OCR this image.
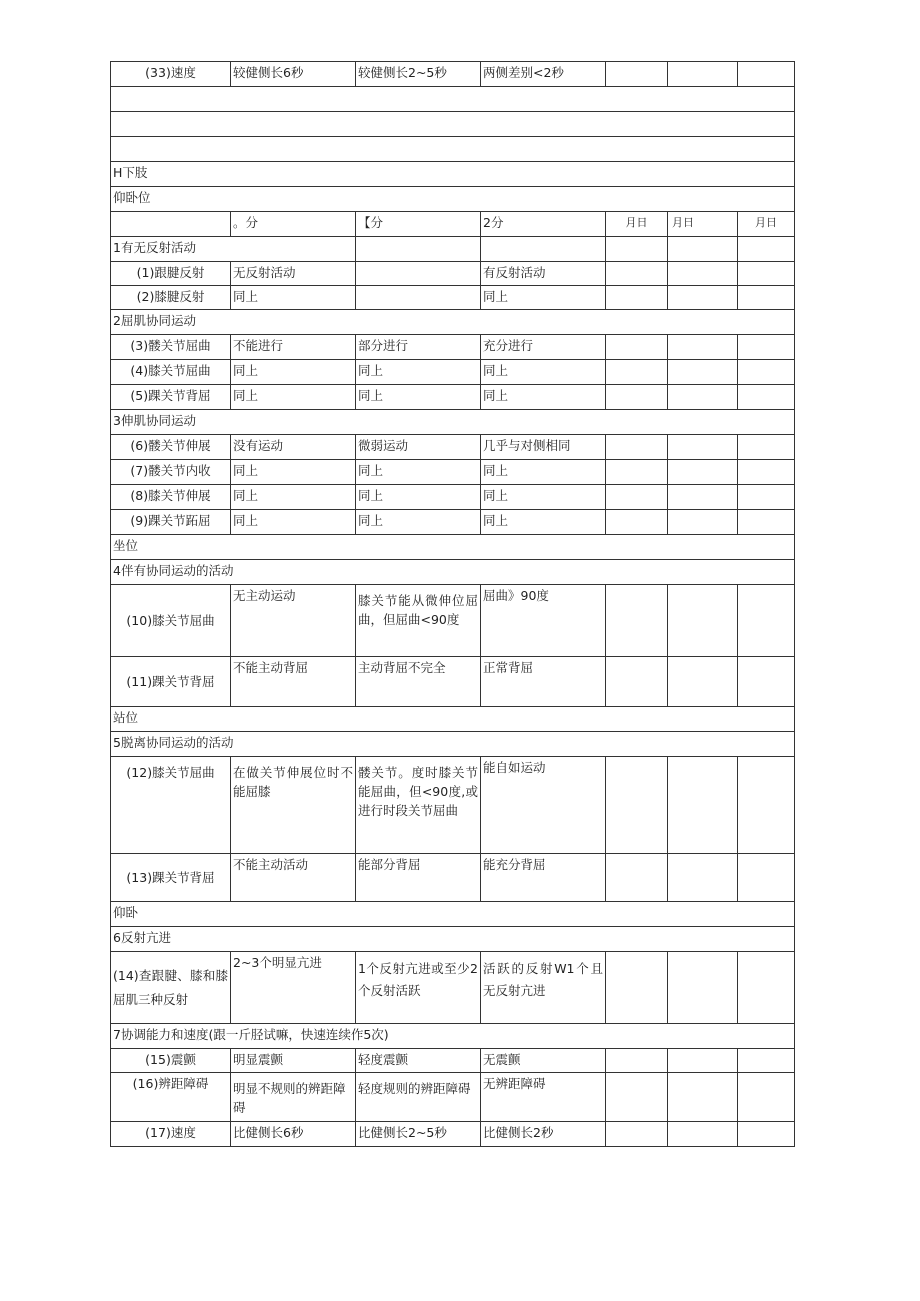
(33)速度	较健侧长6秒	较健侧长2~5秒	两侧差别<2秒			

H下肢						
仰卧位						
	。分	【分	2分	月日	月日	月日
1有无反射活动						
(1)跟腱反射	无反射活动		有反射活动			
(2)膝腱反射	同上		同上			
2屈肌协同运动						
(3)髅关节屈曲	不能进行	部分进行	充分进行			
(4)膝关节屈曲	同上	同上	同上			
(5)踝关节背屈	同上	同上	同上			
3伸肌协同运动						
(6)髅关节伸展	没有运动	微弱运动	几乎与对侧相同			
(7)髅关节内收	同上	同上	同上			
(8)膝关节伸展	同上	同上	同上			
(9)踝关节跖屈	同上	同上	同上			
坐位						
4伴有协同运动的活动						
(10)膝关节屈曲	无主动运动	膝关节能从微伸位屈曲，但屈曲<90度	屈曲》90度			
(11)踝关节背屈	不能主动背屈	主动背屈不完全	正常背屈			
站位						
5脱离协同运动的活动						
(12)膝关节屈曲	在做关节伸展位时不能屈膝	髅关节。度时膝关节能屈曲，但<90度,或进行时段关节屈曲	能自如运动			
(13)踝关节背屈	不能主动活动	能部分背屈	能充分背屈			
仰卧						
6反射亢进						
(14)查跟腱、膝和膝屈肌三种反射	2~3个明显亢进	1个反射亢进或至少2个反射活跃	活跃的反射W1个且无反射亢进			
7协调能力和速度(跟一斤胫试嘛，快速连续作5次)						
(15)震颤	明显震颤	轻度震颤	无震颤			
(16)辨距障碍	明显不规则的辨距障碍	轻度规则的辨距障碍	无辨距障碍			
(17)速度	比健侧长6秒	比健侧长2~5秒	比健侧长2秒			
